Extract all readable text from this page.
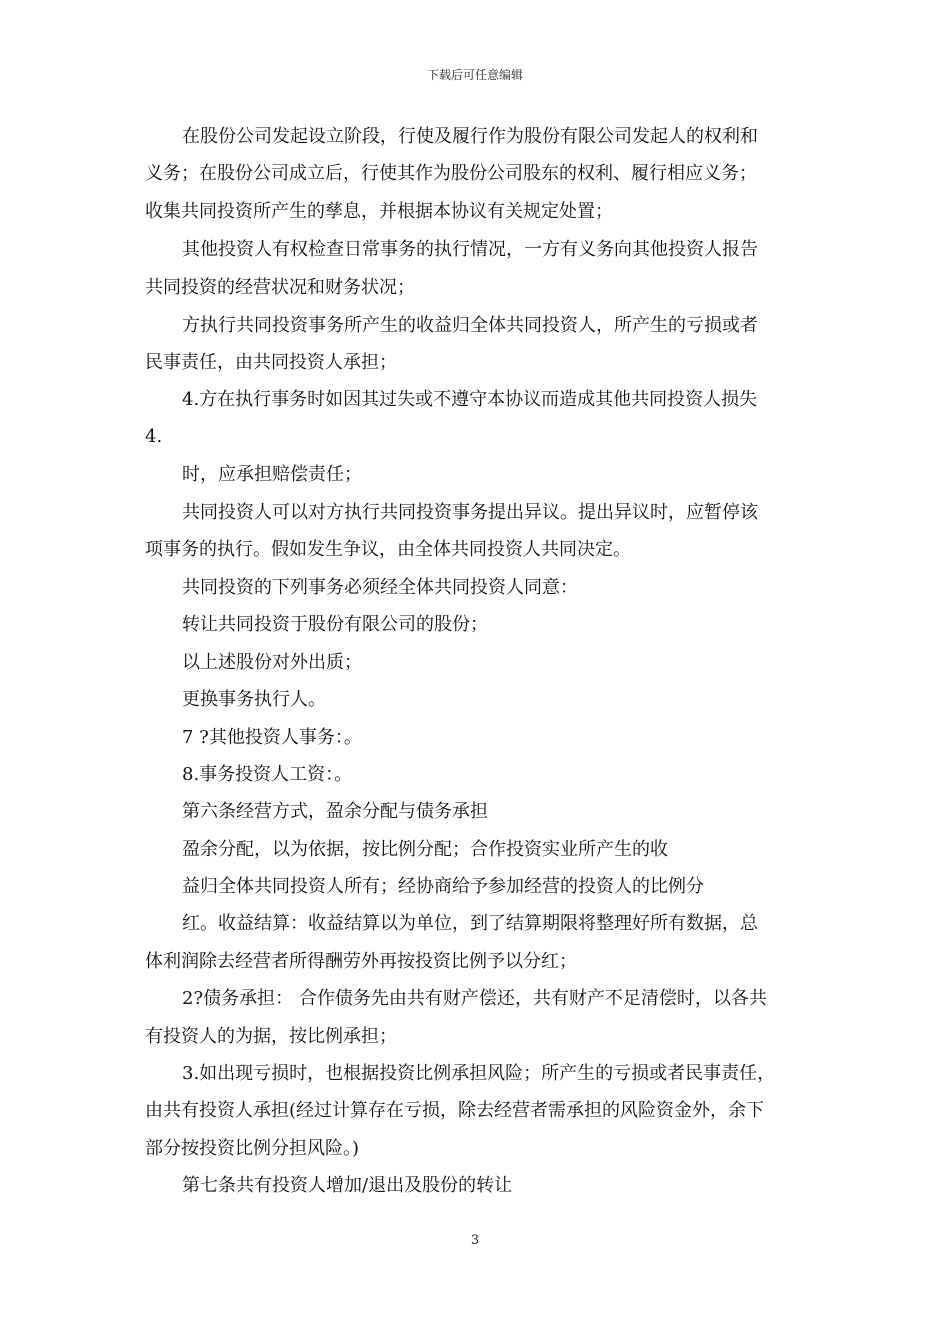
下载后可任意编辑
在股份公司发起设立阶段，行使及履行作为股份有限公司发起人的权利和
义务；在股份公司成立后，行使其作为股份公司股东的权利、履行相应义务；
收集共同投资所产生的孳息，并根据本协议有关规定处置；
其他投资人有权检查日常事务的执行情况，一方有义务向其他投资人报告
共同投资的经营状况和财务状况；
方执行共同投资事务所产生的收益归全体共同投资人，所产生的亏损或者
民事责任，由共同投资人承担；
4.方在执行事务时如因其过失或不遵守本协议而造成其他共同投资人损失
4.
时，应承担赔偿责任；
共同投资人可以对方执行共同投资事务提出异议。提出异议时，应暂停该
项事务的执行。假如发生争议，由全体共同投资人共同决定。
共同投资的下列事务必须经全体共同投资人同意：
转让共同投资于股份有限公司的股份；
以上述股份对外出质；
更换事务执行人。
7 ?其他投资人事务：。
8.事务投资人工资：。
第六条经营方式，盈余分配与债务承担
盈余分配，以为依据，按比例分配；合作投资实业所产生的收
益归全体共同投资人所有；经协商给予参加经营的投资人的比例分
红。收益结算：收益结算以为单位，到了结算期限将整理好所有数据，总
体利润除去经营者所得酬劳外再按投资比例予以分红；
2?债务承担： 合作债务先由共有财产偿还，共有财产不足清偿时，以各共
有投资人的为据，按比例承担；
3.如出现亏损时，也根据投资比例承担风险；所产生的亏损或者民事责任，
由共有投资人承担(经过计算存在亏损，除去经营者需承担的风险资金外，余下
部分按投资比例分担风险。)
第七条共有投资人增加/退出及股份的转让
3
